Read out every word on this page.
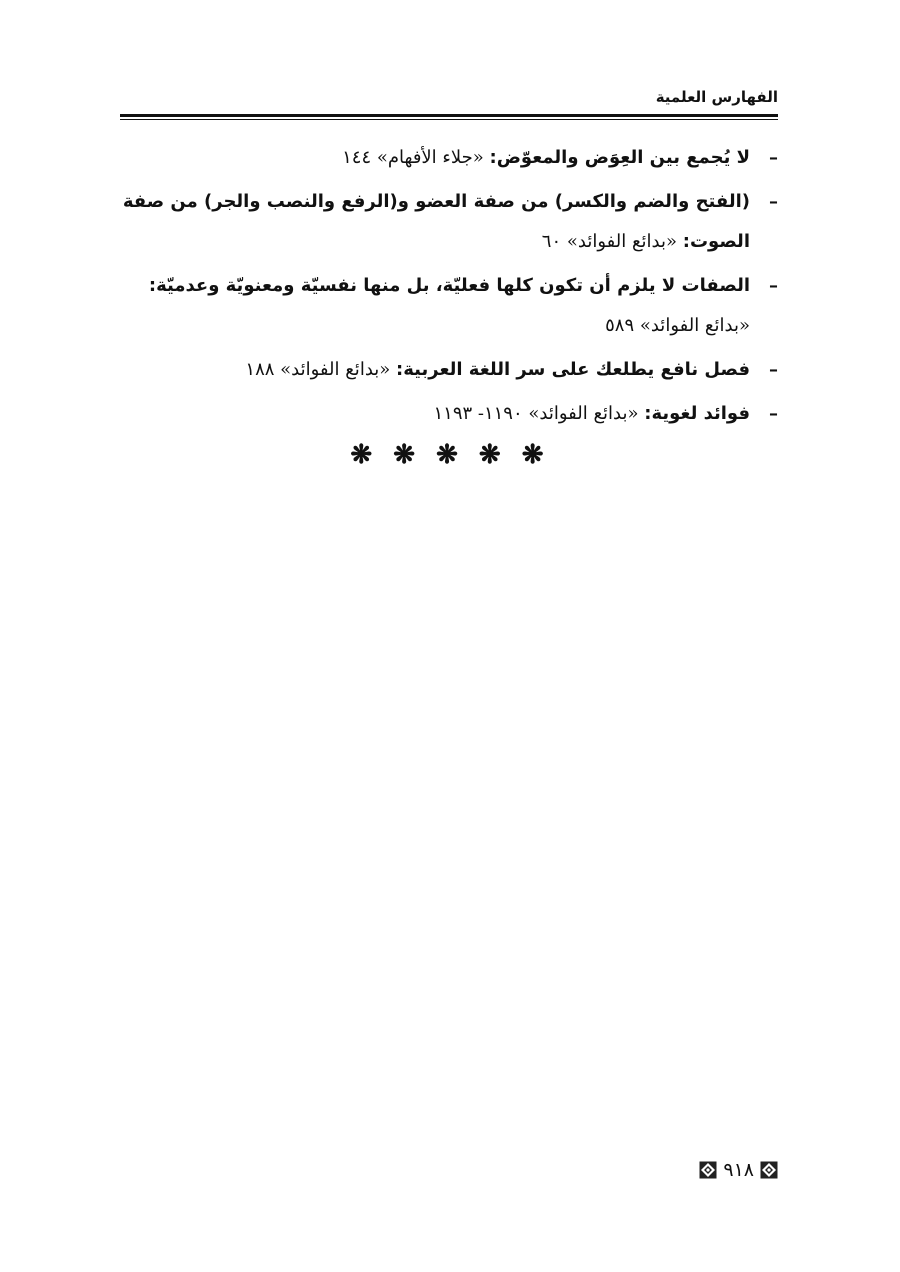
الفهارس العلمية
–
لا يُجمع بين العِوَض والمعوّض: «جلاء الأفهام» ١٤٤
–
(الفتح والضم والكسر) من صفة العضو و(الرفع والنصب والجر) من صفة الصوت: «بدائع الفوائد» ٦٠
–
الصفات لا يلزم أن تكون كلها فعليّة، بل منها نفسيّة ومعنويّة وعدميّة: «بدائع الفوائد» ٥٨٩
–
فصل نافع يطلعك على سر اللغة العربية: «بدائع الفوائد» ١٨٨
–
فوائد لغوية: «بدائع الفوائد» ١١٩٠- ١١٩٣
❋ ❋ ❋ ❋ ❋
٩١٨
